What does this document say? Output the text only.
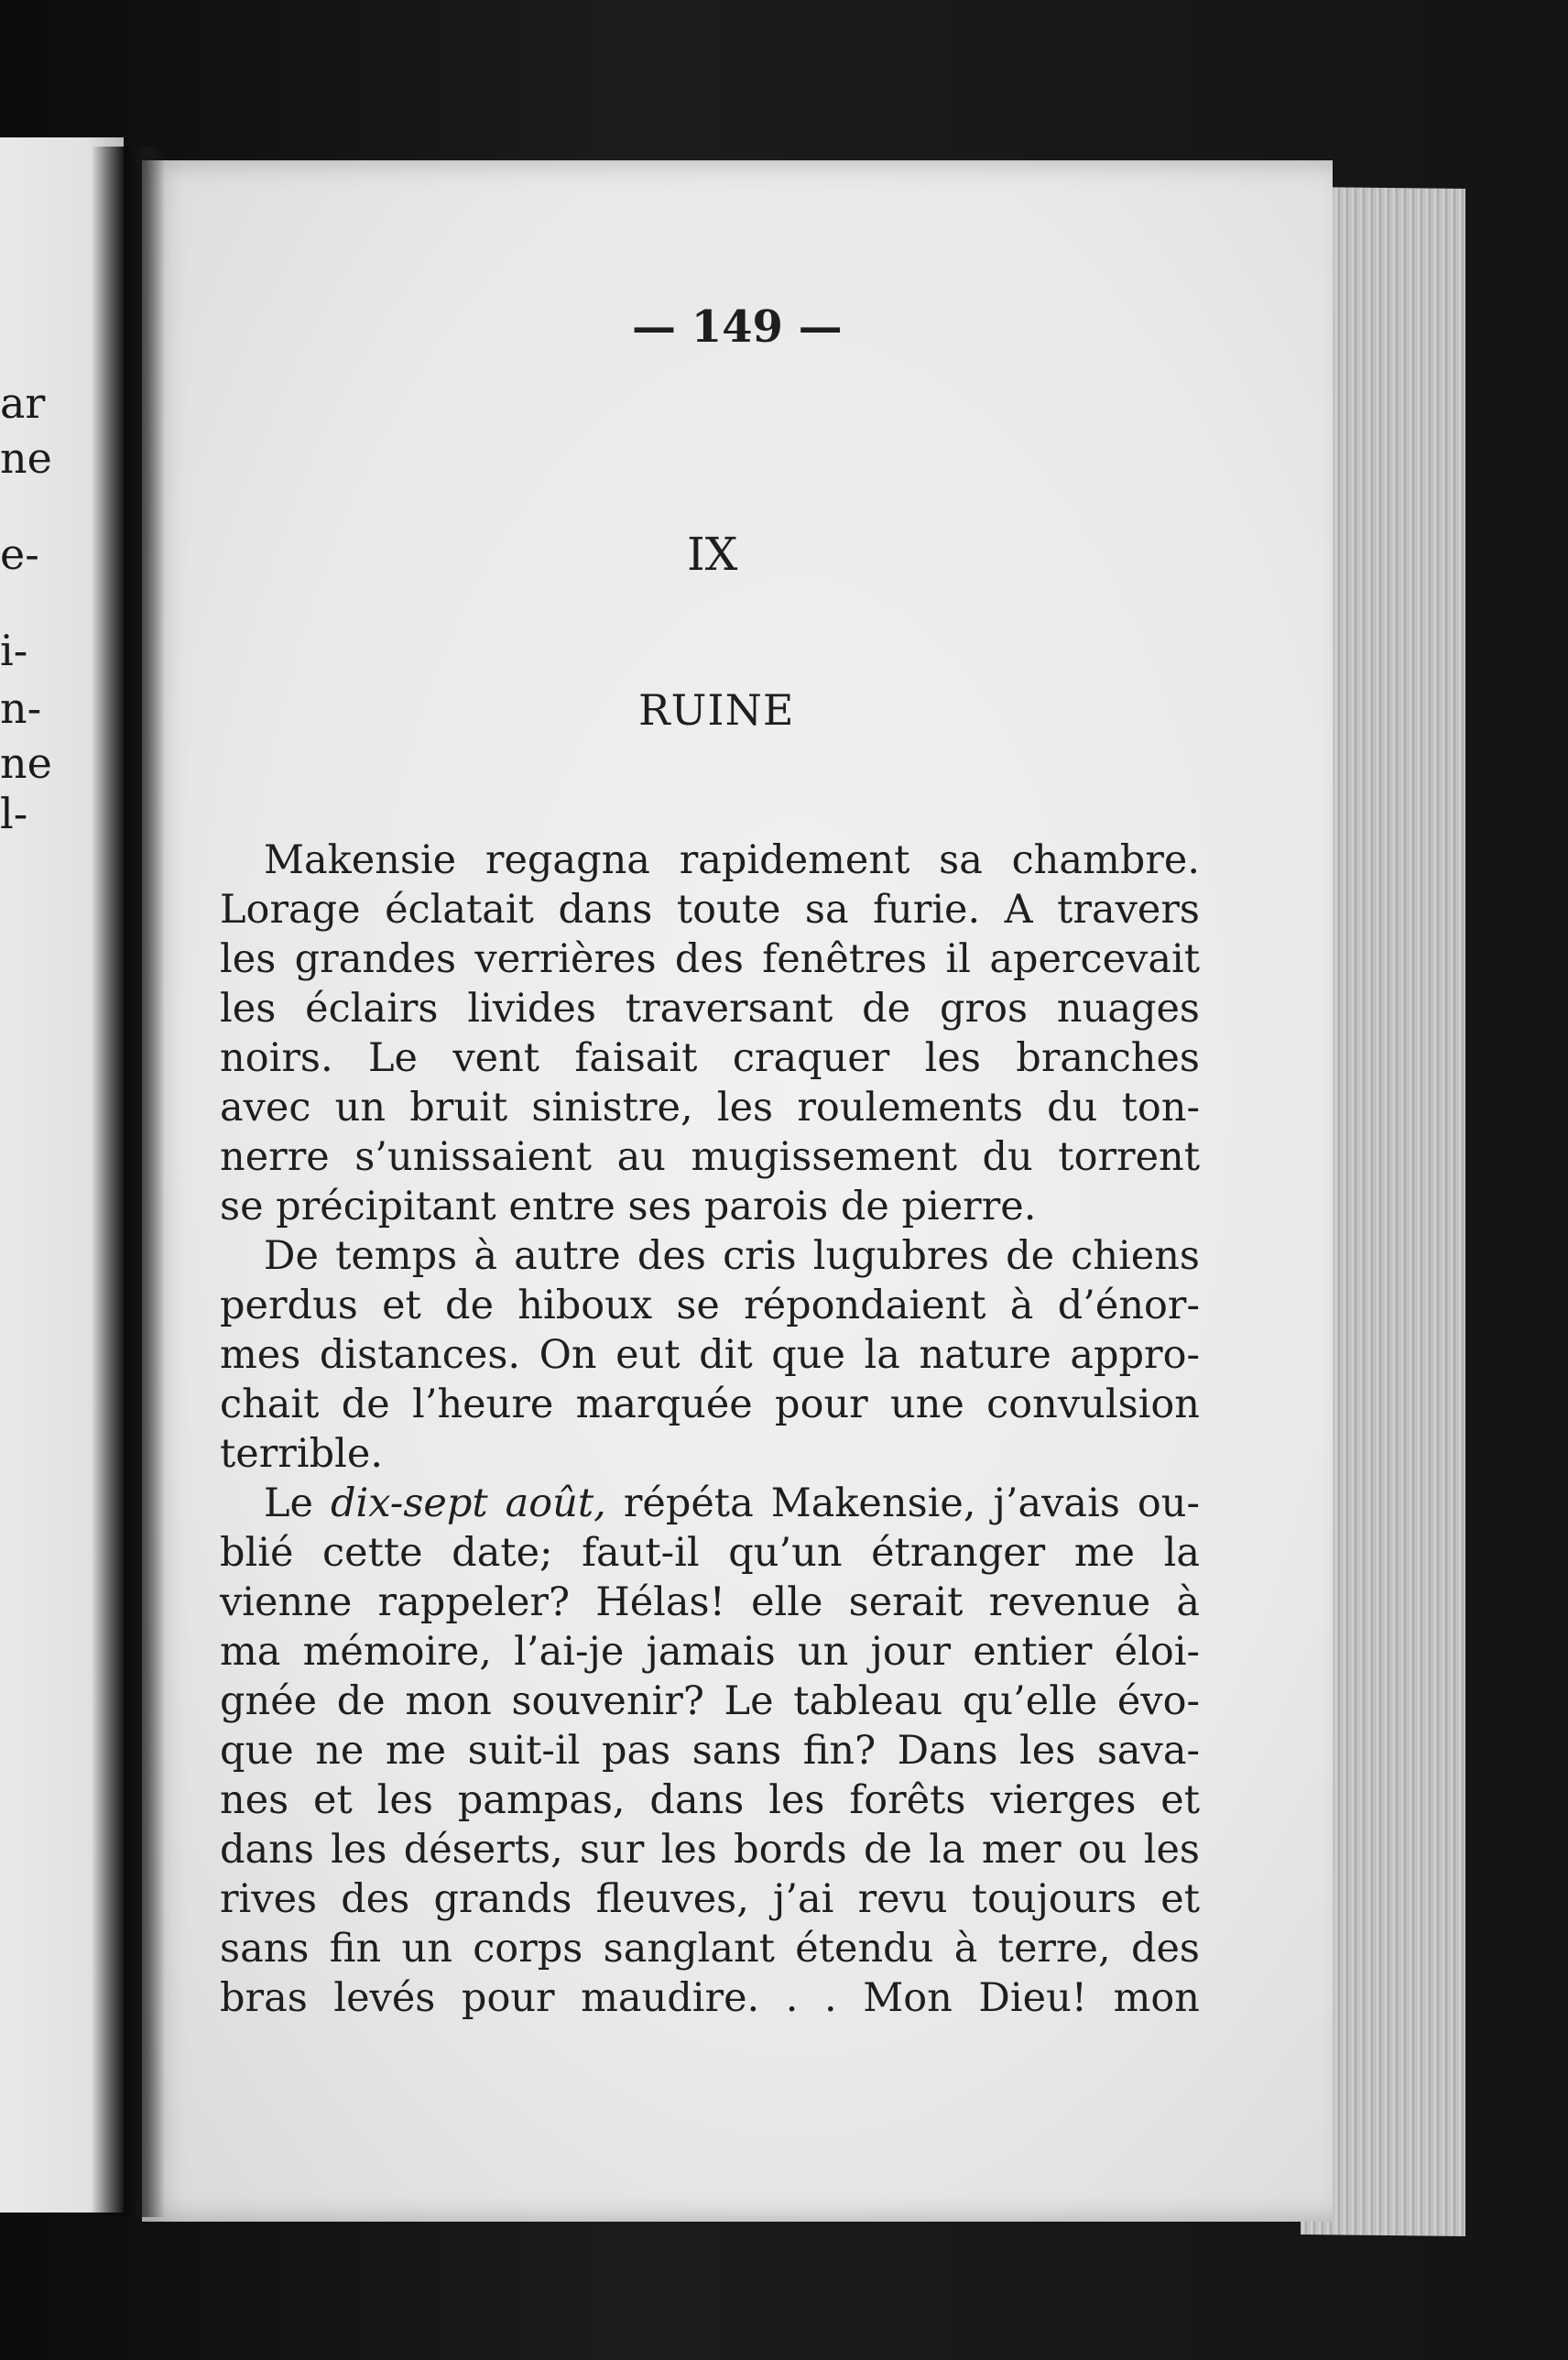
ar
ne
e-
i-
n-
ne
l-
— 149 —
IX
RUINE
Makensie regagna rapidement sa chambre.
Lorage éclatait dans toute sa furie. A travers
les grandes verrières des fenêtres il apercevait
les éclairs livides traversant de gros nuages
noirs. Le vent faisait craquer les branches
avec un bruit sinistre, les roulements du ton-
nerre s’unissaient au mugissement du torrent
se précipitant entre ses parois de pierre.
De temps à autre des cris lugubres de chiens
perdus et de hiboux se répondaient à d’énor-
mes distances. On eut dit que la nature appro-
chait de l’heure marquée pour une convulsion
terrible.
Le dix-sept août, répéta Makensie, j’avais ou-
blié cette date; faut-il qu’un étranger me la
vienne rappeler? Hélas! elle serait revenue à
ma mémoire, l’ai-je jamais un jour entier éloi-
gnée de mon souvenir? Le tableau qu’elle évo-
que ne me suit-il pas sans fin? Dans les sava-
nes et les pampas, dans les forêts vierges et
dans les déserts, sur les bords de la mer ou les
rives des grands fleuves, j’ai revu toujours et
sans fin un corps sanglant étendu à terre, des
bras levés pour maudire. . . Mon Dieu! mon
